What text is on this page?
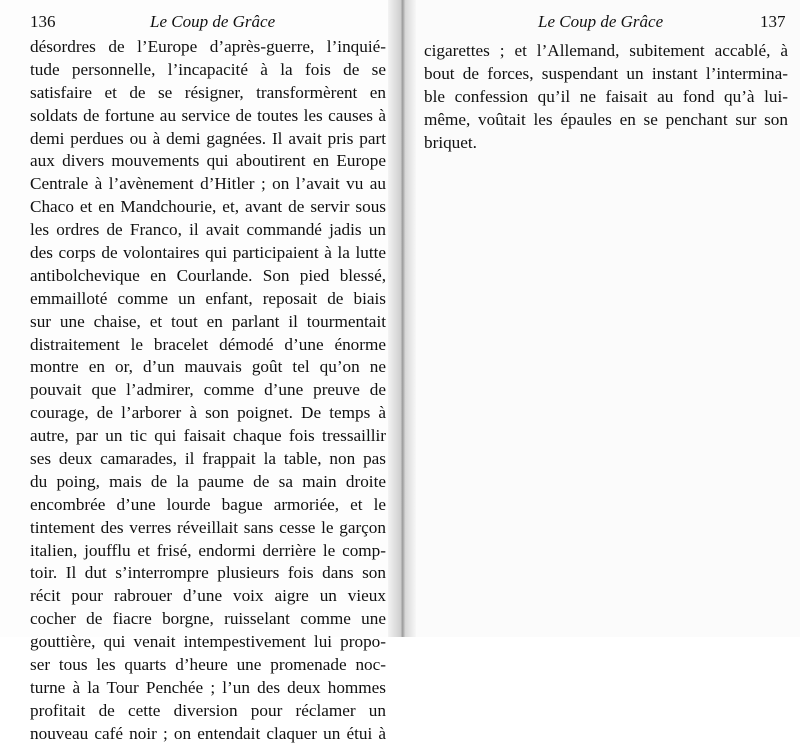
136	Le Coup de Grâce
désordres de l’Europe d’après-guerre, l’inquié-
tude personnelle, l’incapacité à la fois de se
satisfaire et de se résigner, transformèrent en
soldats de fortune au service de toutes les causes à
demi perdues ou à demi gagnées. Il avait pris part
aux divers mouvements qui aboutirent en Europe
Centrale à l’avènement d’Hitler ; on l’avait vu au
Chaco et en Mandchourie, et, avant de servir sous
les ordres de Franco, il avait commandé jadis un
des corps de volontaires qui participaient à la lutte
antibolchevique en Courlande. Son pied blessé,
emmailloté comme un enfant, reposait de biais
sur une chaise, et tout en parlant il tourmentait
distraitement le bracelet démodé d’une énorme
montre en or, d’un mauvais goût tel qu’on ne
pouvait que l’admirer, comme d’une preuve de
courage, de l’arborer à son poignet. De temps à
autre, par un tic qui faisait chaque fois tressaillir
ses deux camarades, il frappait la table, non pas
du poing, mais de la paume de sa main droite
encombrée d’une lourde bague armoriée, et le
tintement des verres réveillait sans cesse le garçon
italien, joufflu et frisé, endormi derrière le comp-
toir. Il dut s’interrompre plusieurs fois dans son
récit pour rabrouer d’une voix aigre un vieux
cocher de fiacre borgne, ruisselant comme une
gouttière, qui venait intempestivement lui propo-
ser tous les quarts d’heure une promenade noc-
turne à la Tour Penchée ; l’un des deux hommes
profitait de cette diversion pour réclamer un
nouveau café noir ; on entendait claquer un étui à
Le Coup de Grâce	137
cigarettes ; et l’Allemand, subitement accablé, à
bout de forces, suspendant un instant l’intermina-
ble confession qu’il ne faisait au fond qu’à lui-
même, voûtait les épaules en se penchant sur son
briquet.
